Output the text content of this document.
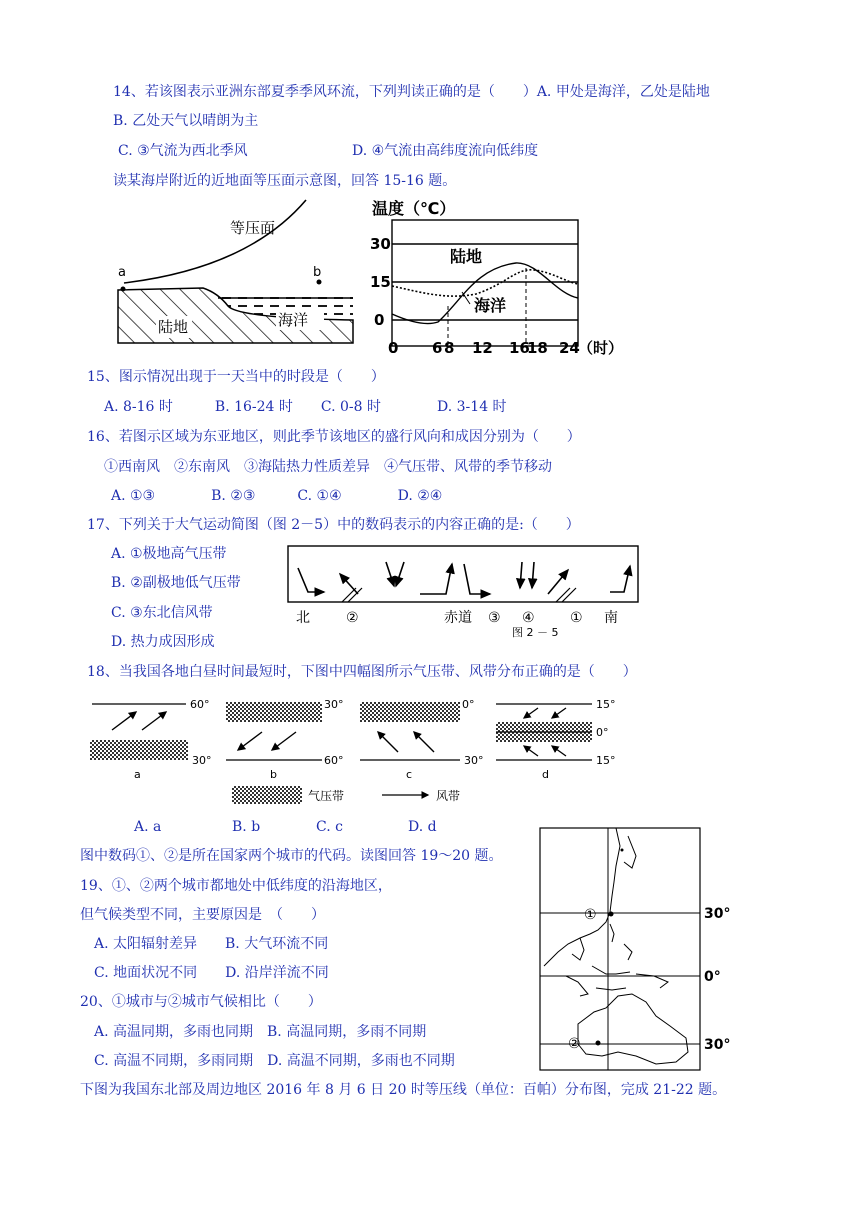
14、若该图表示亚洲东部夏季季风环流，下列判读正确的是（　　）A. 甲处是海洋，乙处是陆地
B. 乙处天气以晴朗为主
C. ③气流为西北季风	D. ④气流由高纬度流向低纬度
读某海岸附近的近地面等压面示意图，回答 15-16 题。
等压面
a	b
陆地	海洋
温度（℃）
30
15
0
陆地
海洋
0 6 8 12 16
18 24
（时）
15、图示情况出现于一天当中的时段是（　　）
A. 8-16 时　　　B. 16-24 时　　C. 0-8 时　　　　D. 3-14 时
16、若图示区域为东亚地区，则此季节该地区的盛行风向和成因分别为（　　）
①西南风　②东南风　③海陆热力性质差异　④气压带、风带的季节移动
A. ①③　　　　B. ②③　　　C. ①④　　　　D. ②④
17、下列关于大气运动简图（图 2－5）中的数码表示的内容正确的是:（　　）
A. ①极地高气压带
B. ②副极地低气压带
C. ③东北信风带
D. 热力成因形成
北	②	赤道 ③ ④	① 南
图 2 － 5
18、当我国各地白昼时间最短时，下图中四幅图所示气压带、风带分布正确的是（　　）
60°
30°
a
30°
60°
b
0°
30°
c
15°
0°
15°
d
气压带	风带
A. a	B. b	C. c	D. d
图中数码①、②是所在国家两个城市的代码。读图回答 19～20 题。
19、①、②两个城市都地处中低纬度的沿海地区，
但气候类型不同，主要原因是　（　　）
A. 太阳辐射差异　　B. 大气环流不同
C. 地面状况不同　　D. 沿岸洋流不同
20、①城市与②城市气候相比（　　）
A. 高温同期，多雨也同期　B. 高温同期，多雨不同期
C. 高温不同期，多雨同期　D. 高温不同期，多雨也不同期
①
②
30°
0°
30°
下图为我国东北部及周边地区 2016 年 8 月 6 日 20 时等压线（单位：百帕）分布图，完成 21-22 题。
